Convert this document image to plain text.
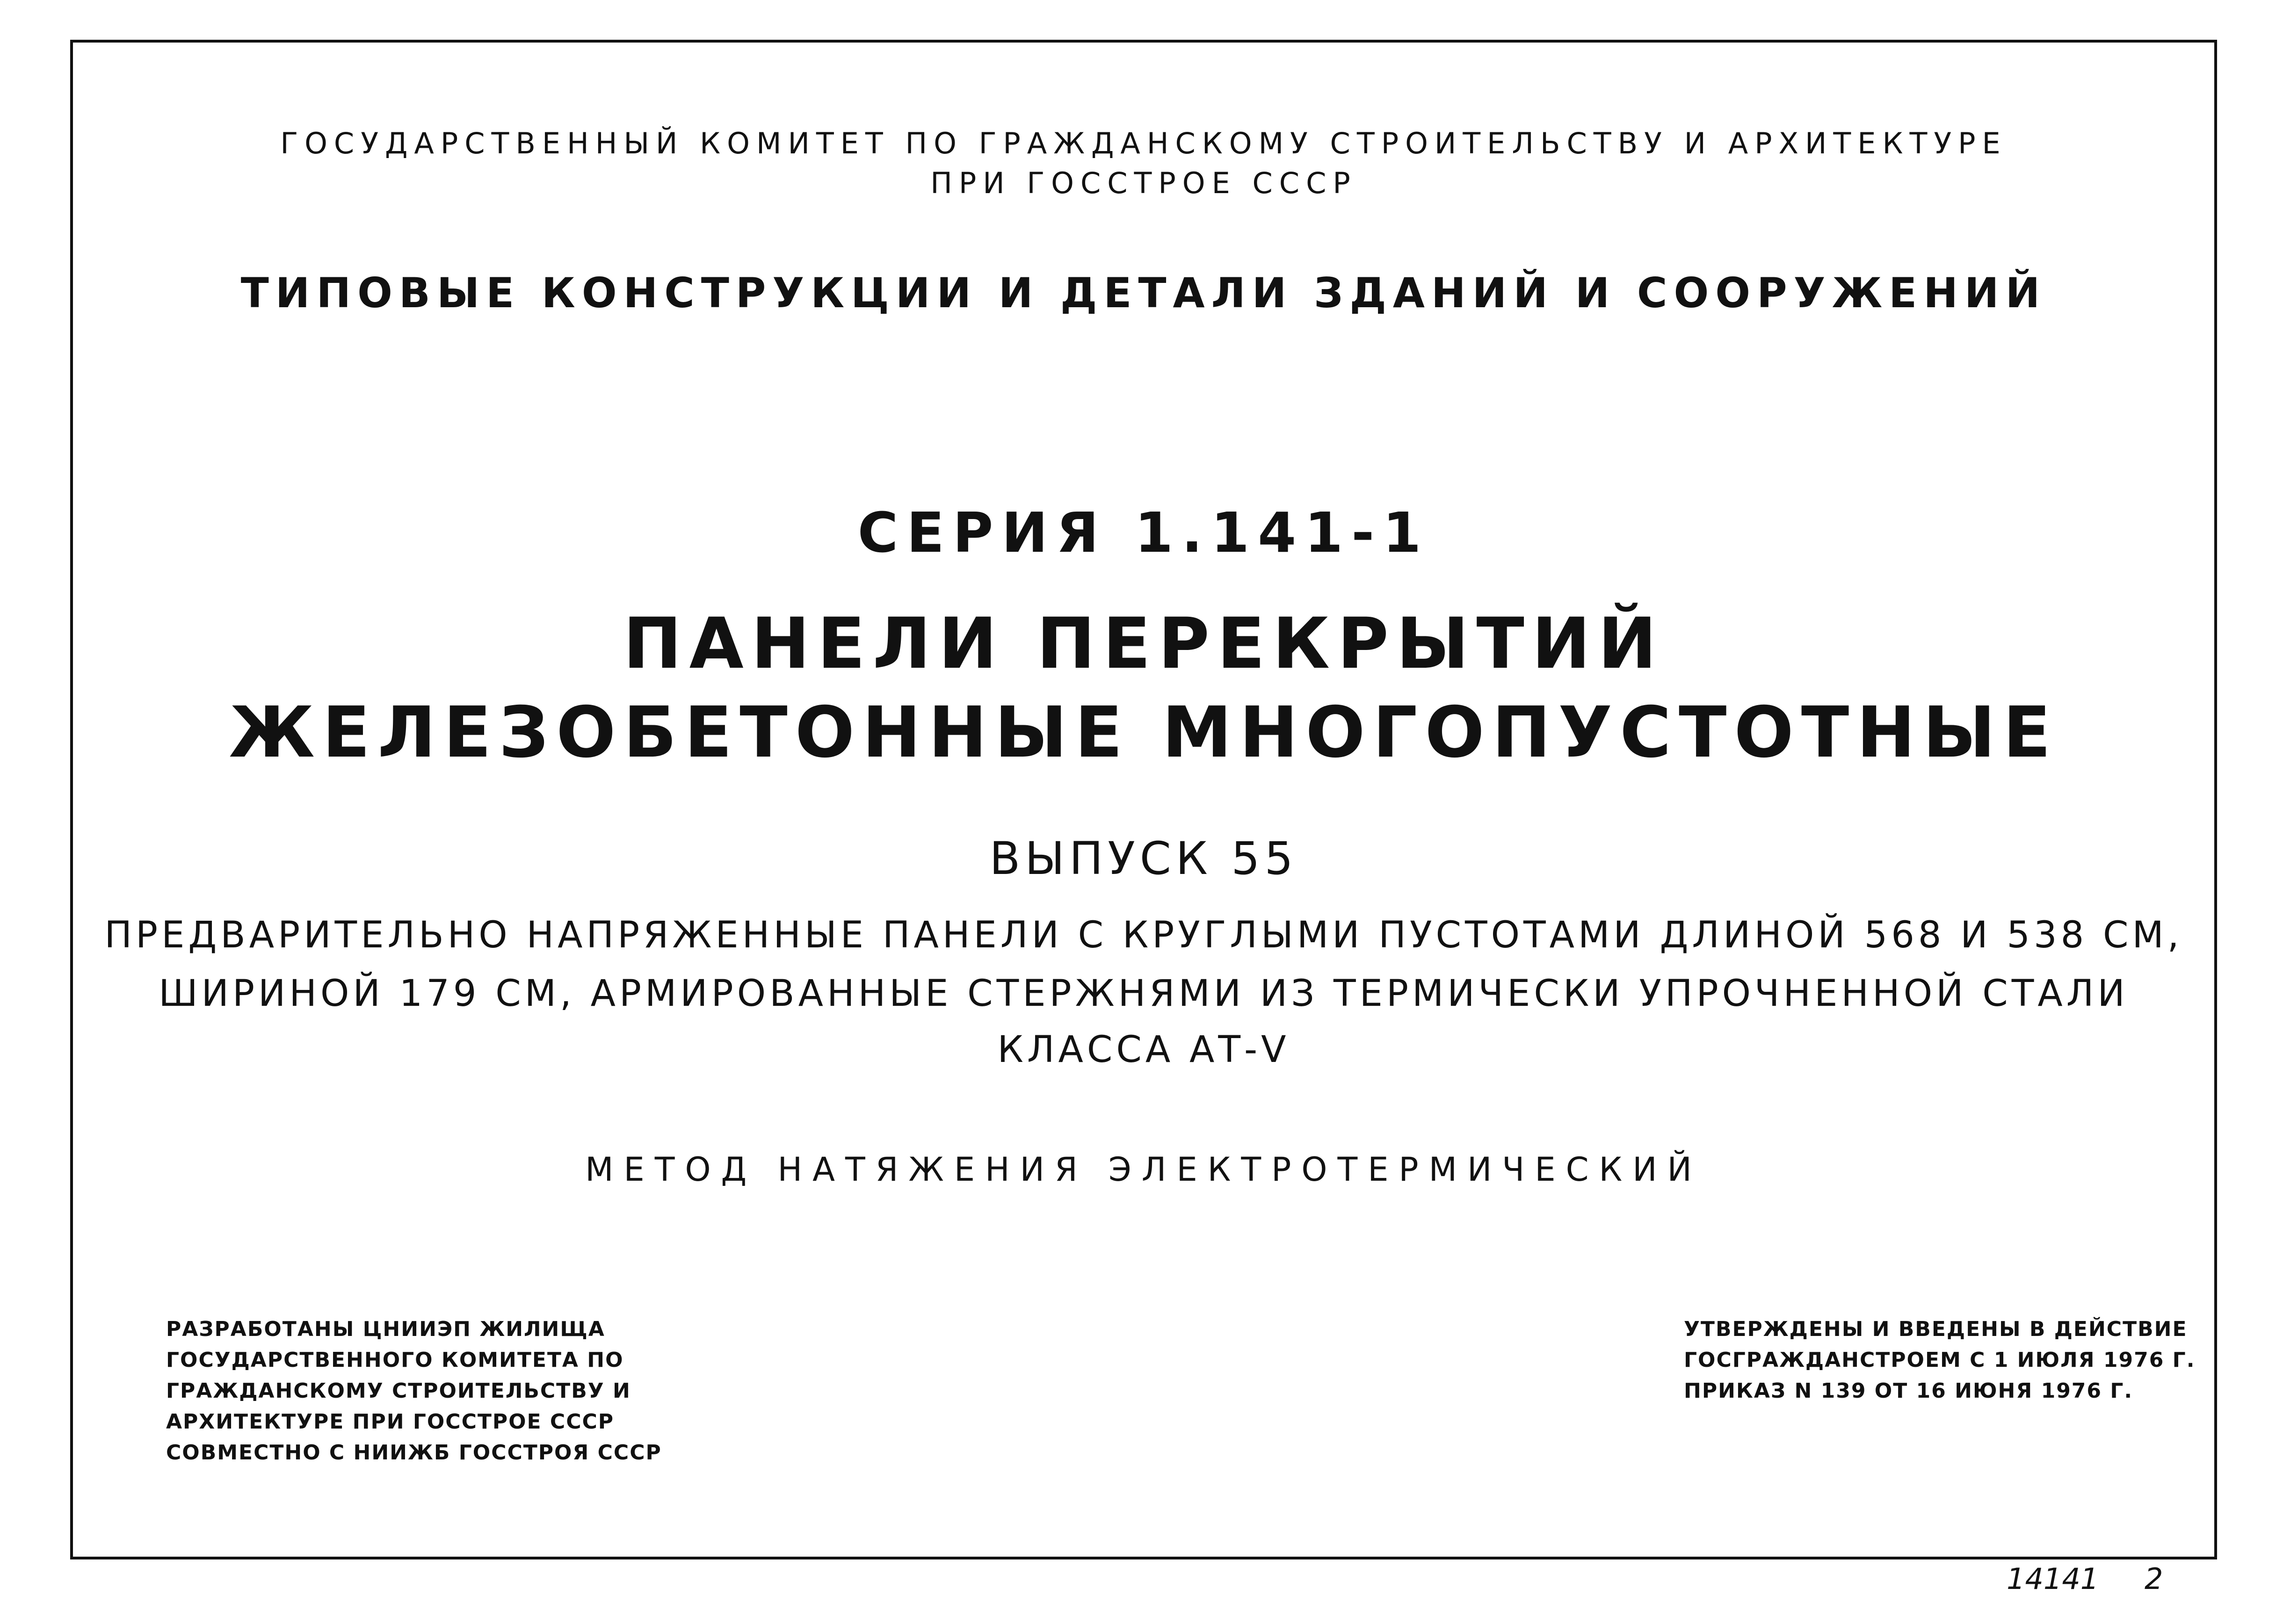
ГОСУДАРСТВЕННЫЙ КОМИТЕТ ПО ГРАЖДАНСКОМУ СТРОИТЕЛЬСТВУ И АРХИТЕКТУРЕ
ПРИ ГОССТРОЕ СССР
ТИПОВЫЕ КОНСТРУКЦИИ И ДЕТАЛИ ЗДАНИЙ И СООРУЖЕНИЙ
СЕРИЯ 1.141-1
ПАНЕЛИ ПЕРЕКРЫТИЙ
ЖЕЛЕЗОБЕТОННЫЕ МНОГОПУСТОТНЫЕ
ВЫПУСК 55
ПРЕДВАРИТЕЛЬНО НАПРЯЖЕННЫЕ ПАНЕЛИ С КРУГЛЫМИ ПУСТОТАМИ ДЛИНОЙ 568 И 538 СМ,
ШИРИНОЙ 179 СМ, АРМИРОВАННЫЕ СТЕРЖНЯМИ ИЗ ТЕРМИЧЕСКИ УПРОЧНЕННОЙ СТАЛИ
КЛАССА АТ-V
МЕТОД НАТЯЖЕНИЯ ЭЛЕКТРОТЕРМИЧЕСКИЙ
РАЗРАБОТАНЫ ЦНИИЭП ЖИЛИЩА
ГОСУДАРСТВЕННОГО КОМИТЕТА ПО
ГРАЖДАНСКОМУ СТРОИТЕЛЬСТВУ И
АРХИТЕКТУРЕ ПРИ ГОССТРОЕ СССР
СОВМЕСТНО С НИИЖБ ГОССТРОЯ СССР
УТВЕРЖДЕНЫ И ВВЕДЕНЫ В ДЕЙСТВИЕ
ГОСГРАЖДАНСТРОЕМ С 1 ИЮЛЯ 1976 Г.
ПРИКАЗ N 139 ОТ 16 ИЮНЯ 1976 Г.
14141 2
